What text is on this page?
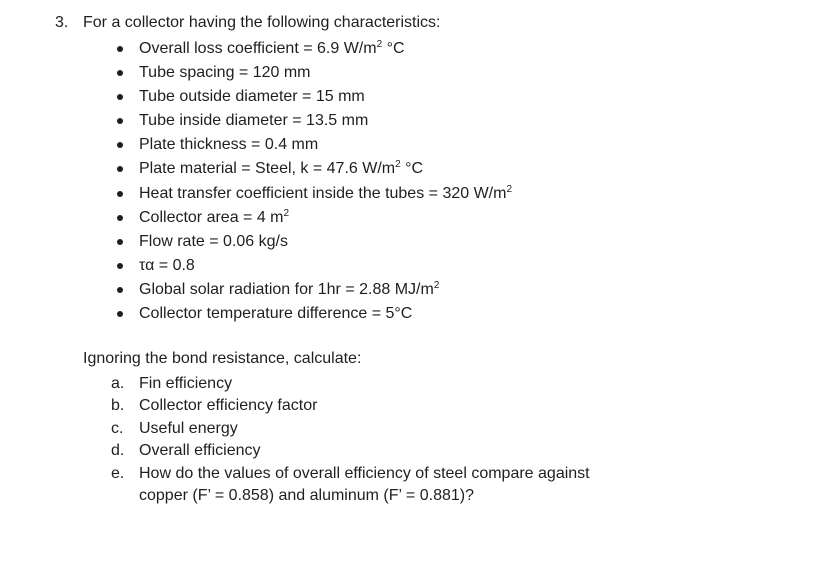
3. For a collector having the following characteristics:
Overall loss coefficient = 6.9 $W/m^2$ °C
Tube spacing = 120 mm
Tube outside diameter = 15 mm
Tube inside diameter = 13.5 mm
Plate thickness = 0.4 mm
Plate material = Steel, k = 47.6 $W/m^2$ °C
Heat transfer coefficient inside the tubes = 320 $W/m^2$
Collector area = 4 $m^2$
Flow rate = 0.06 kg/s
τα = 0.8
Global solar radiation for 1hr = 2.88 $MJ/m^2$
Collector temperature difference = 5°C
Ignoring the bond resistance, calculate:
a. Fin efficiency
b. Collector efficiency factor
c. Useful energy
d. Overall efficiency
e. How do the values of overall efficiency of steel compare against
copper (F’ = 0.858) and aluminum (F’ = 0.881)?
